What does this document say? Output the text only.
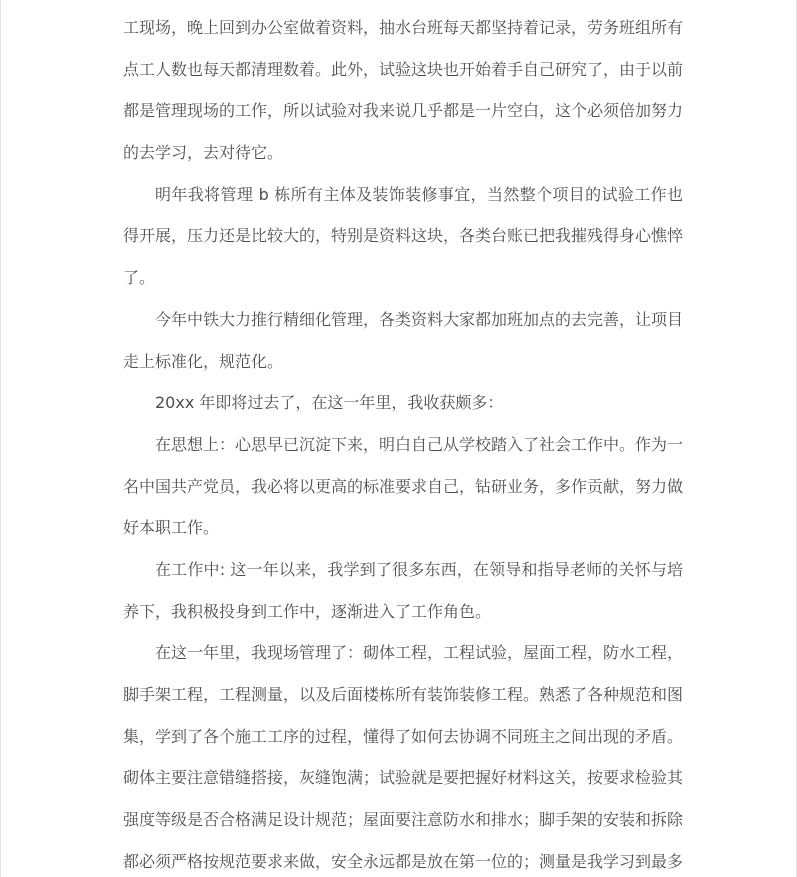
工现场，晚上回到办公室做着资料，抽水台班每天都坚持着记录，劳务班组所有
点工人数也每天都清理数着。此外，试验这块也开始着手自己研究了，由于以前
都是管理现场的工作，所以试验对我来说几乎都是一片空白，这个必须倍加努力
的去学习，去对待它。
明年我将管理 b 栋所有主体及装饰装修事宜，当然整个项目的试验工作也
得开展，压力还是比较大的，特别是资料这块，各类台账已把我摧残得身心憔悴
了。
今年中铁大力推行精细化管理，各类资料大家都加班加点的去完善，让项目
走上标准化，规范化。
20xx 年即将过去了，在这一年里，我收获颇多：
在思想上：心思早已沉淀下来，明白自己从学校踏入了社会工作中。作为一
名中国共产党员，我必将以更高的标准要求自己，钻研业务，多作贡献，努力做
好本职工作。
在工作中: 这一年以来，我学到了很多东西，在领导和指导老师的关怀与培
养下，我积极投身到工作中，逐渐进入了工作角色。
在这一年里，我现场管理了：砌体工程，工程试验，屋面工程，防水工程，
脚手架工程，工程测量，以及后面楼栋所有装饰装修工程。熟悉了各种规范和图
集，学到了各个施工工序的过程，懂得了如何去协调不同班主之间出现的矛盾。
砌体主要注意错缝搭接，灰缝饱满；试验就是要把握好材料这关，按要求检验其
强度等级是否合格满足设计规范；屋面要注意防水和排水；脚手架的安装和拆除
都必须严格按规范要求来做，安全永远都是放在第一位的；测量是我学习到最多
